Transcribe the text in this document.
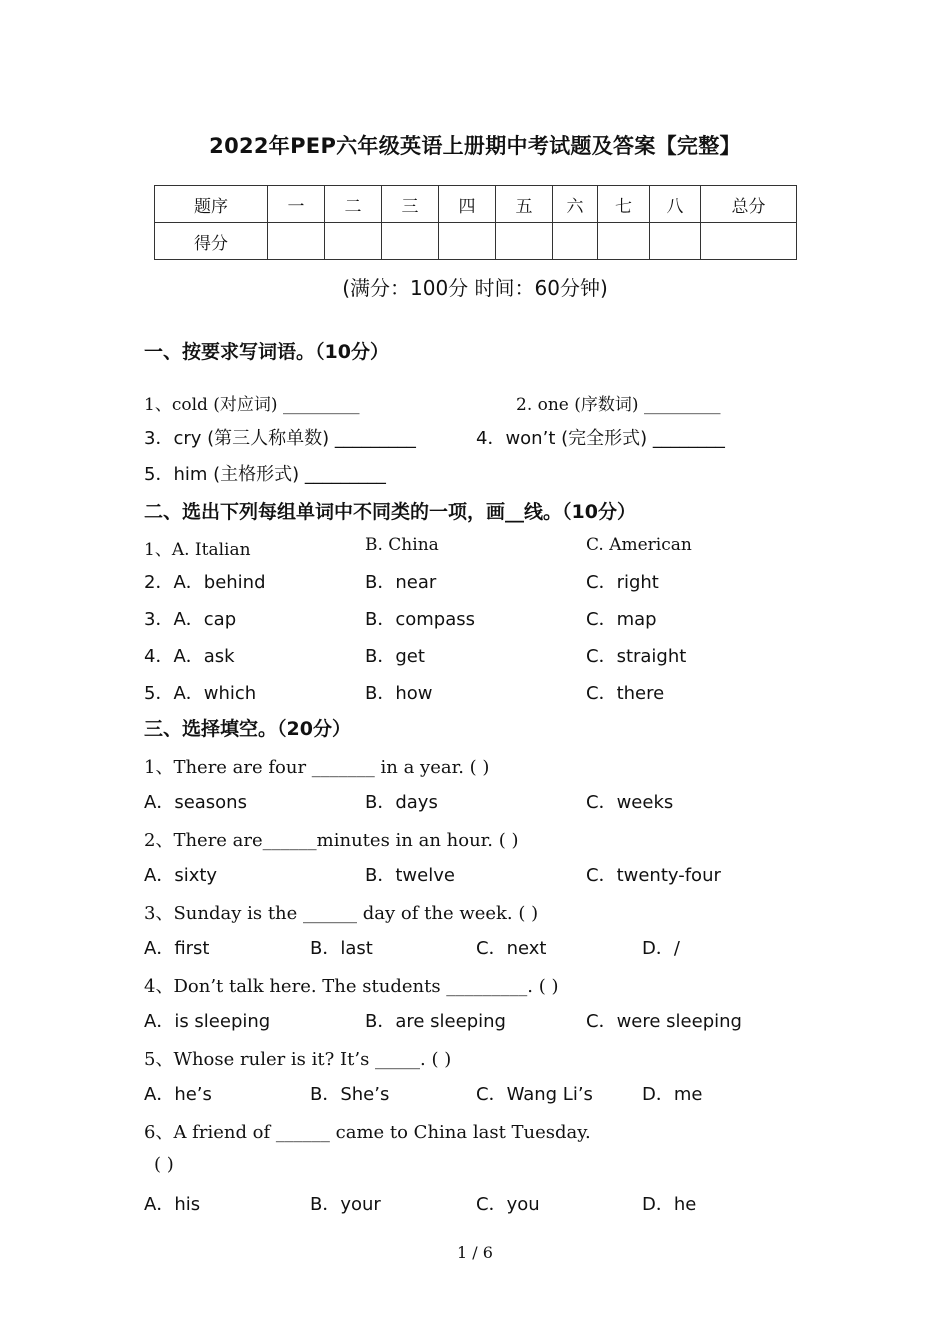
2022年PEP六年级英语上册期中考试题及答案【完整】
题序	一	二	三	四	五	六	七	八	总分
得分									
(满分：100分 时间：60分钟)
一、按要求写词语。（10分）
1、cold (对应词) _________	2. one (序数词) _________
3．cry (第三人称单数) _________	4．won’t (完全形式) ________
5．him (主格形式) _________
二、选出下列每组单词中不同类的一项，画__线。（10分）
1、A. Italian	B. China	C. American
2．A．behind	B．near	C．right
3．A．cap	B．compass	C．map
4．A．ask	B．get	C．straight
5．A．which	B．how	C．there
三、选择填空。（20分）
1、There are four _______ in a year. ( )
A．seasons	B．days	C．weeks
2、There are______minutes in an hour. ( )
A．sixty	B．twelve	C．twenty-four
3、Sunday is the ______ day of the week. ( )
A．first	B．last	C．next	D．/
4、Don’t talk here. The students _________. ( )
A．is sleeping	B．are sleeping	C．were sleeping
5、Whose ruler is it? It’s _____. ( )
A．he’s	B．She’s	C．Wang Li’s	D．me
6、A friend of ______ came to China last Tuesday.
( )
A．his	B．your	C．you	D．he
1 / 6
